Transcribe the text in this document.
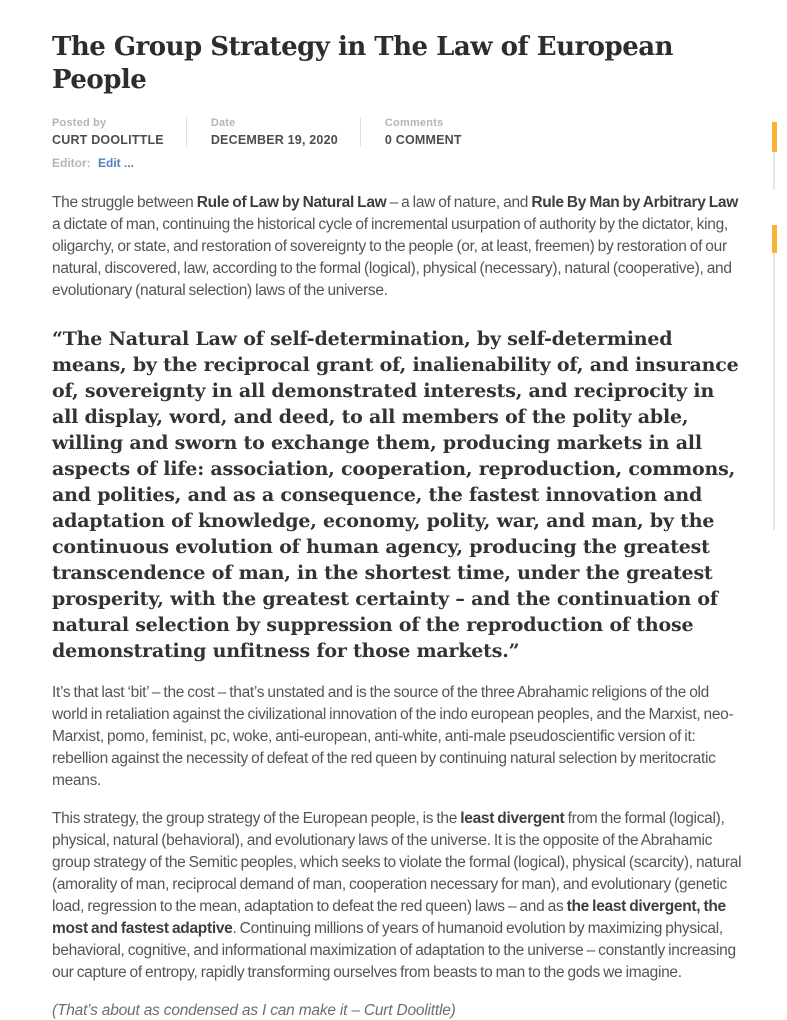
The Group Strategy in The Law of European People
Posted by
CURT DOOLITTLE
Date
DECEMBER 19, 2020
Comments
0 COMMENT
Editor: Edit ...

The struggle between Rule of Law by Natural Law – a law of nature, and Rule By Man by Arbitrary Law a dictate of man, continuing the historical cycle of incremental usurpation of authority by the dictator, king, oligarchy, or state, and restoration of sovereignty to the people (or, at least, freemen) by restoration of our natural, discovered, law, according to the formal (logical), physical (necessary), natural (cooperative), and evolutionary (natural selection) laws of the universe.

“The Natural Law of self-determination, by self-determined means, by the reciprocal grant of, inalienability of, and insurance of, sovereignty in all demonstrated interests, and reciprocity in all display, word, and deed, to all members of the polity able, willing and sworn to exchange them, producing markets in all aspects of life: association, cooperation, reproduction, commons, and polities, and as a consequence, the fastest innovation and adaptation of knowledge, economy, polity, war, and man, by the continuous evolution of human agency, producing the greatest transcendence of man, in the shortest time, under the greatest prosperity, with the greatest certainty – and the continuation of natural selection by suppression of the reproduction of those demonstrating unfitness for those markets.”

It’s that last ‘bit’ – the cost – that’s unstated and is the source of the three Abrahamic religions of the old world in retaliation against the civilizational innovation of the indo european peoples, and the Marxist, neo-Marxist, pomo, feminist, pc, woke, anti-european, anti-white, anti-male pseudoscientific version of it: rebellion against the necessity of defeat of the red queen by continuing natural selection by meritocratic means.

This strategy, the group strategy of the European people, is the least divergent from the formal (logical), physical, natural (behavioral), and evolutionary laws of the universe. It is the opposite of the Abrahamic group strategy of the Semitic peoples, which seeks to violate the formal (logical), physical (scarcity), natural (amorality of man, reciprocal demand of man, cooperation necessary for man), and evolutionary (genetic load, regression to the mean, adaptation to defeat the red queen) laws – and as the least divergent, the most and fastest adaptive. Continuing millions of years of humanoid evolution by maximizing physical, behavioral, cognitive, and informational maximization of adaptation to the universe – constantly increasing our capture of entropy, rapidly transforming ourselves from beasts to man to the gods we imagine.

(That’s about as condensed as I can make it – Curt Doolittle)
